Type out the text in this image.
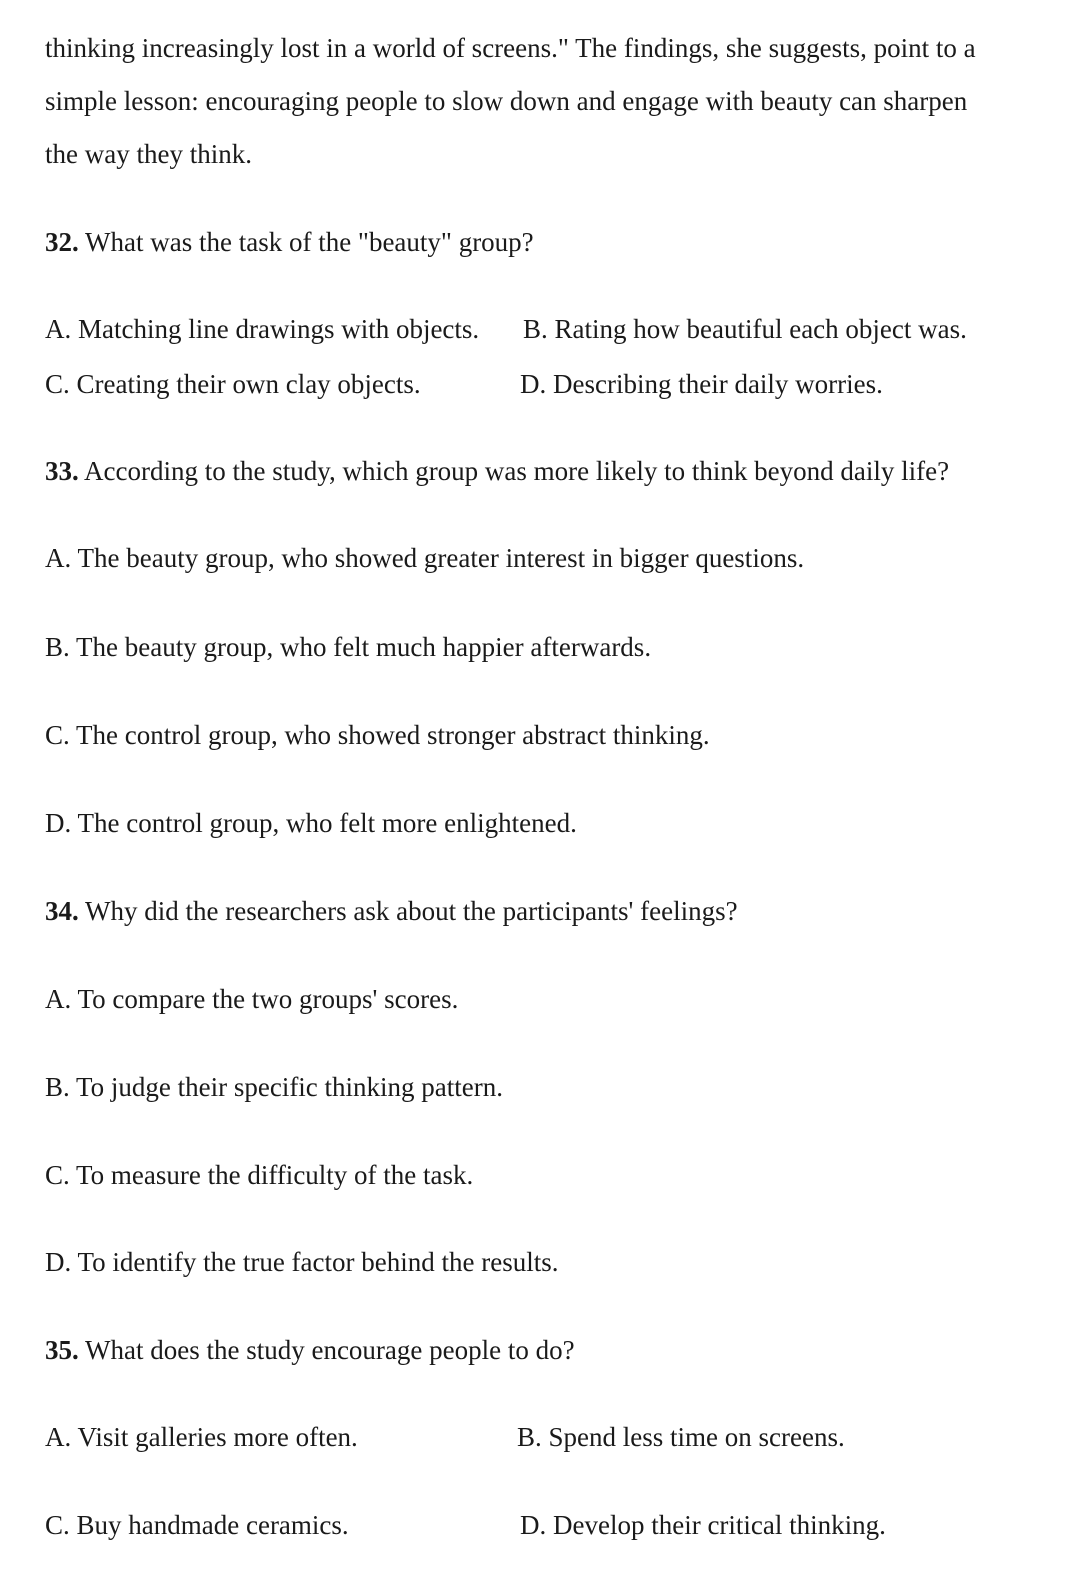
thinking increasingly lost in a world of screens." The findings, she suggests, point to a
simple lesson: encouraging people to slow down and engage with beauty can sharpen
the way they think.
32. What was the task of the "beauty" group?
A. Matching line drawings with objects. B. Rating how beautiful each object was.
C. Creating their own clay objects.	D. Describing their daily worries.
33. According to the study, which group was more likely to think beyond daily life?
A. The beauty group, who showed greater interest in bigger questions.
B. The beauty group, who felt much happier afterwards.
C. The control group, who showed stronger abstract thinking.
D. The control group, who felt more enlightened.
34. Why did the researchers ask about the participants' feelings?
A. To compare the two groups' scores.
B. To judge their specific thinking pattern.
C. To measure the difficulty of the task.
D. To identify the true factor behind the results.
35. What does the study encourage people to do?
A. Visit galleries more often.	B. Spend less time on screens.
C. Buy handmade ceramics.	D. Develop their critical thinking.
